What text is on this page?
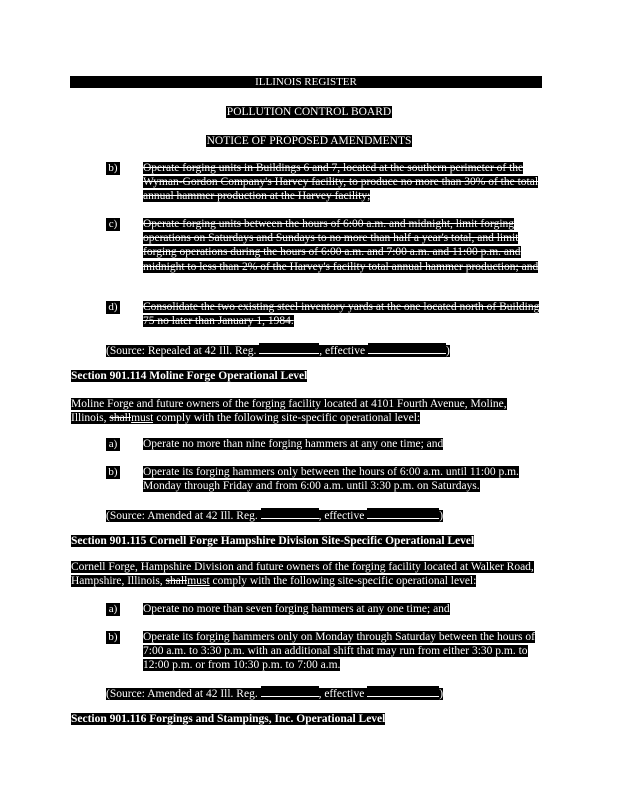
ILLINOIS REGISTER
POLLUTION CONTROL BOARD
NOTICE OF PROPOSED AMENDMENTS
b) Operate forging units in Buildings 6 and 7, located at the southern perimeter of the Wyman-Gordon Company's Harvey facility, to produce no more than 30% of the total annual hammer production at the Harvey facility;
c) Operate forging units between the hours of 6:00 a.m. and midnight, limit forging operations on Saturdays and Sundays to no more than half a year's total, and limit forging operations during the hours of 6:00 a.m. and 7:00 a.m. and 11:00 p.m. and midnight to less than 2% of the Harvey's facility total annual hammer production; and
d) Consolidate the two existing steel inventory yards at the one located north of Building 75 no later than January 1, 1984.
(Source: Repealed at 42 Ill. Reg.	, effective	)
Section 901.114 Moline Forge Operational Level
Moline Forge and future owners of the forging facility located at 4101 Fourth Avenue, Moline, Illinois, shallmust comply with the following site-specific operational level:
a) Operate no more than nine forging hammers at any one time; and
b) Operate its forging hammers only between the hours of 6:00 a.m. until 11:00 p.m. Monday through Friday and from 6:00 a.m. until 3:30 p.m. on Saturdays.
(Source: Amended at 42 Ill. Reg.	, effective	)
Section 901.115 Cornell Forge Hampshire Division Site-Specific Operational Level
Cornell Forge, Hampshire Division and future owners of the forging facility located at Walker Road, Hampshire, Illinois, shallmust comply with the following site-specific operational level:
a) Operate no more than seven forging hammers at any one time; and
b) Operate its forging hammers only on Monday through Saturday between the hours of 7:00 a.m. to 3:30 p.m. with an additional shift that may run from either 3:30 p.m. to 12:00 p.m. or from 10:30 p.m. to 7:00 a.m.
(Source: Amended at 42 Ill. Reg.	, effective	)
Section 901.116 Forgings and Stampings, Inc. Operational Level
